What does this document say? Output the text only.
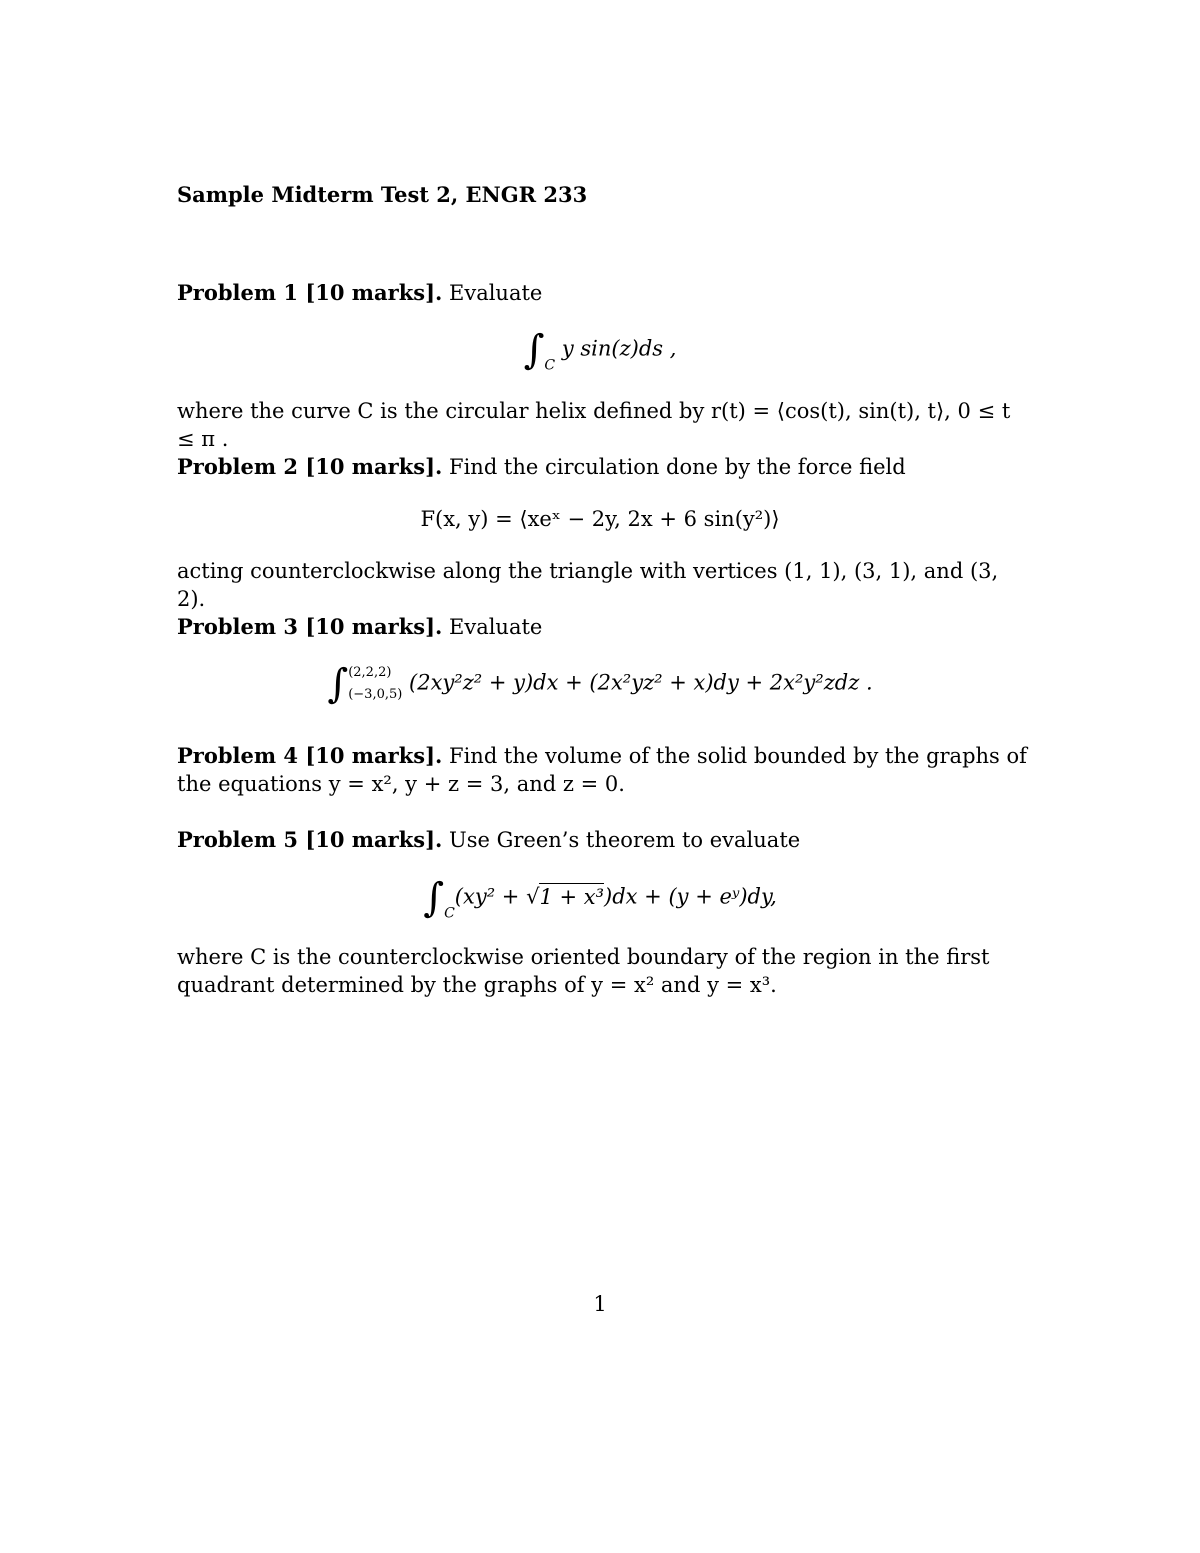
Sample Midterm Test 2, ENGR 233
Problem 1 [10 marks]. Evaluate
$\int_C$ y sin(z)ds ,
where the curve C is the circular helix defined by r(t) = ⟨cos(t), sin(t), t⟩, 0 ≤ t ≤ π .
Problem 2 [10 marks]. Find the circulation done by the force field
F(x, y) = ⟨xeˣ − 2y, 2x + 6 sin(y²)⟩
acting counterclockwise along the triangle with vertices (1, 1), (3, 1), and (3, 2).
Problem 3 [10 marks]. Evaluate
∫ (2,2,2)
(−3,0,5) (2xy²z² + y)dx + (2x²yz² + x)dy + 2x²y²zdz .
Problem 4 [10 marks]. Find the volume of the solid bounded by the graphs of the equations y = x², y + z = 3, and z = 0.
Problem 5 [10 marks]. Use Green’s theorem to evaluate
$\int_C(xy^2 + √1 + x^3)dx + (y$ + eʸ)dy,
where C is the counterclockwise oriented boundary of the region in the first quadrant determined by the graphs of y = x² and y = x³.
1
